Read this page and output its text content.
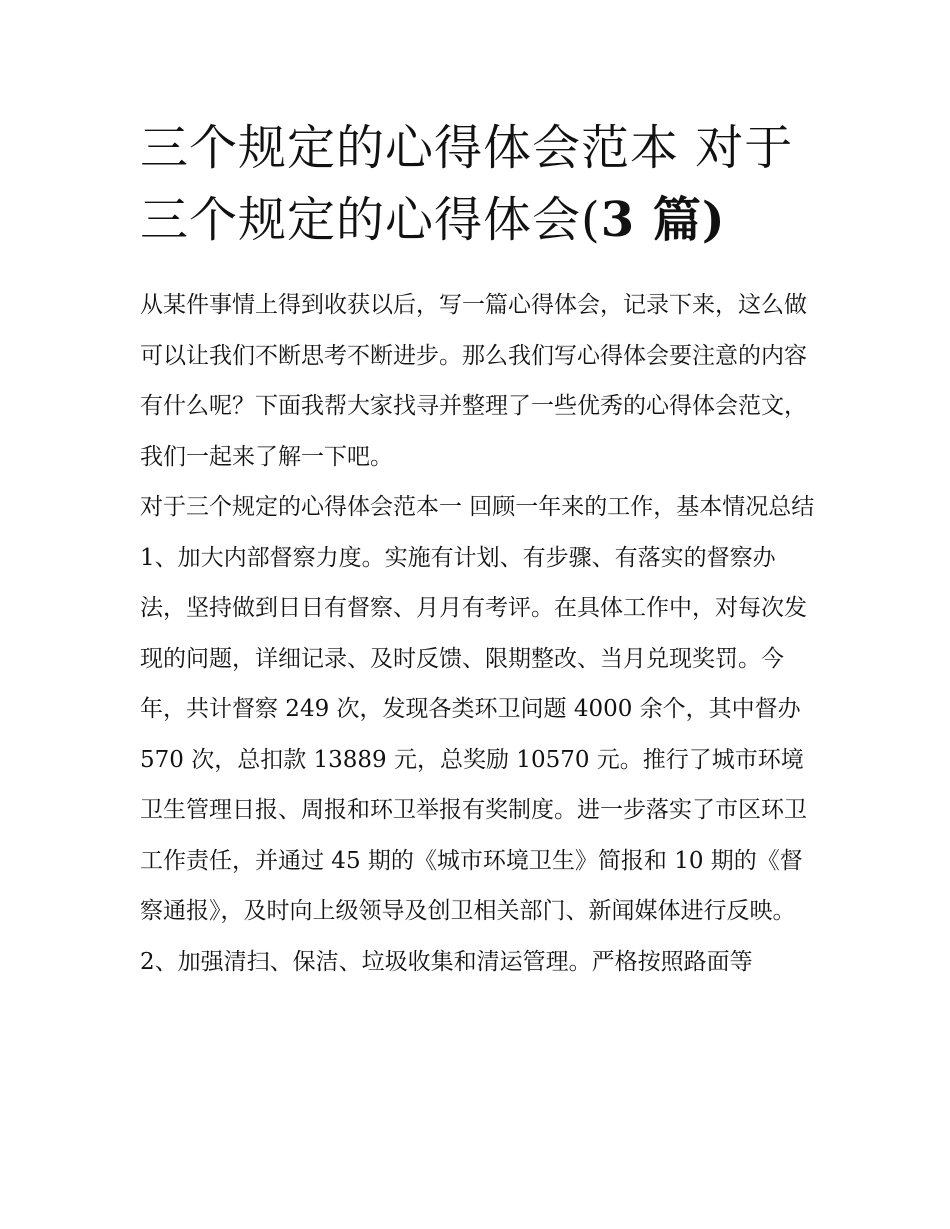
三个规定的心得体会范本 对于
三个规定的心得体会(3 篇)

从某件事情上得到收获以后，写一篇心得体会，记录下来，这么做可以让我们不断思考不断进步。那么我们写心得体会要注意的内容有什么呢？下面我帮大家找寻并整理了一些优秀的心得体会范文，我们一起来了解一下吧。

对于三个规定的心得体会范本一 回顾一年来的工作，基本情况总结

1、加大内部督察力度。实施有计划、有步骤、有落实的督察办法，坚持做到日日有督察、月月有考评。在具体工作中，对每次发现的问题，详细记录、及时反馈、限期整改、当月兑现奖罚。今年，共计督察 249 次，发现各类环卫问题 4000 余个，其中督办 570 次，总扣款 13889 元，总奖励 10570 元。推行了城市环境卫生管理日报、周报和环卫举报有奖制度。进一步落实了市区环卫工作责任，并通过 45 期的《城市环境卫生》简报和 10 期的《督察通报》，及时向上级领导及创卫相关部门、新闻媒体进行反映。

2、加强清扫、保洁、垃圾收集和清运管理。严格按照路面等
